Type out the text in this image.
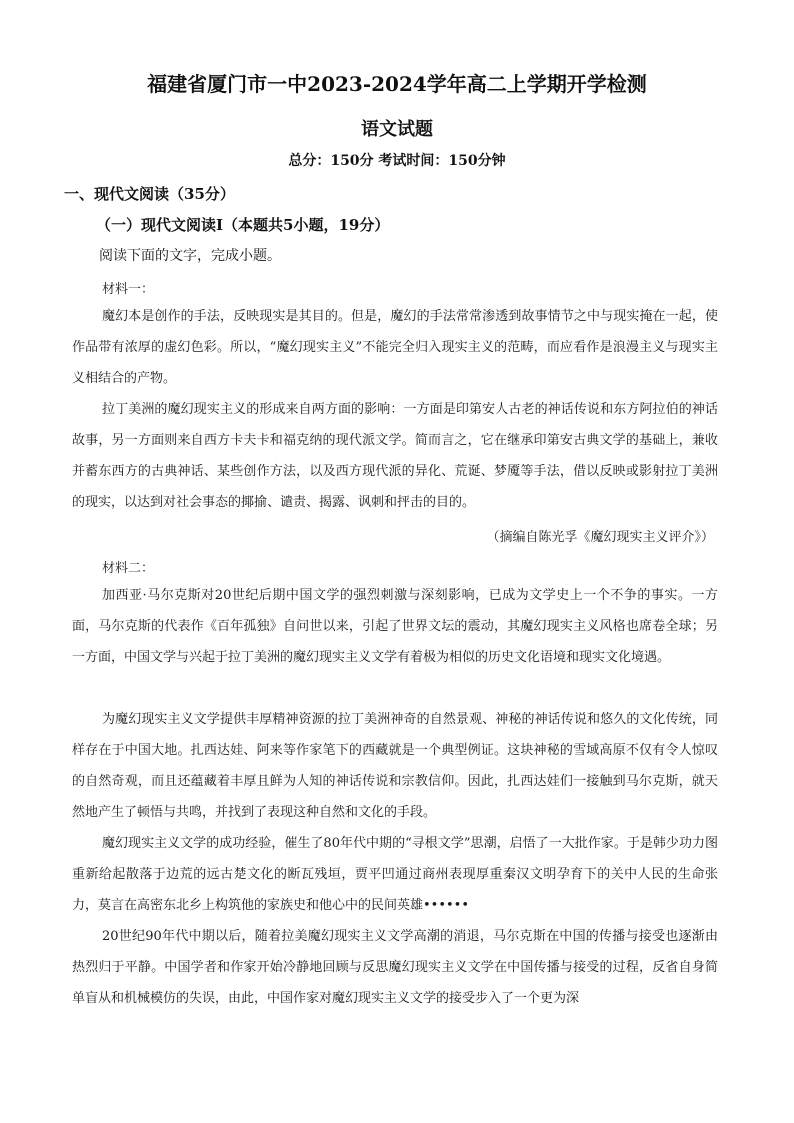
福建省厦门市一中2023-2024学年高二上学期开学检测
语文试题
总分：150分 考试时间：150分钟
一、现代文阅读（35分）
（一）现代文阅读Ⅰ（本题共5小题，19分）
阅读下面的文字，完成小题。
材料一：
魔幻本是创作的手法，反映现实是其目的。但是，魔幻的手法常常渗透到故事情节之中与现实掩在一起，使作品带有浓厚的虚幻色彩。所以，“魔幻现实主义”不能完全归入现实主义的范畴，而应看作是浪漫主义与现实主义相结合的产物。
拉丁美洲的魔幻现实主义的形成来自两方面的影响：一方面是印第安人古老的神话传说和东方阿拉伯的神话故事，另一方面则来自西方卡夫卡和福克纳的现代派文学。简而言之，它在继承印第安古典文学的基础上，兼收并蓄东西方的古典神话、某些创作方法，以及西方现代派的异化、荒诞、梦魇等手法，借以反映或影射拉丁美洲的现实，以达到对社会事态的揶揄、谴责、揭露、讽刺和抨击的目的。
（摘编自陈光孚《魔幻现实主义评介》）
材料二：
加西亚·马尔克斯对20世纪后期中国文学的强烈刺激与深刻影响，已成为文学史上一个不争的事实。一方面，马尔克斯的代表作《百年孤独》自问世以来，引起了世界文坛的震动，其魔幻现实主义风格也席卷全球；另一方面，中国文学与兴起于拉丁美洲的魔幻现实主义文学有着极为相似的历史文化语境和现实文化境遇。
为魔幻现实主义文学提供丰厚精神资源的拉丁美洲神奇的自然景观、神秘的神话传说和悠久的文化传统，同样存在于中国大地。扎西达娃、阿来等作家笔下的西藏就是一个典型例证。这块神秘的雪域高原不仅有令人惊叹的自然奇观，而且还蕴藏着丰厚且鲜为人知的神话传说和宗教信仰。因此，扎西达娃们一接触到马尔克斯，就天然地产生了顿悟与共鸣，并找到了表现这种自然和文化的手段。
魔幻现实主义文学的成功经验，催生了80年代中期的“寻根文学”思潮，启悟了一大批作家。于是韩少功力图重新给起散落于边荒的远古楚文化的断瓦残垣，贾平凹通过商州表现厚重秦汉文明孕育下的关中人民的生命张力，莫言在高密东北乡上构筑他的家族史和他心中的民间英雄••••••
20世纪90年代中期以后，随着拉美魔幻现实主义文学高潮的消退，马尔克斯在中国的传播与接受也逐渐由热烈归于平静。中国学者和作家开始冷静地回顾与反思魔幻现实主义文学在中国传播与接受的过程，反省自身简单盲从和机械模仿的失误，由此，中国作家对魔幻现实主义文学的接受步入了一个更为深
